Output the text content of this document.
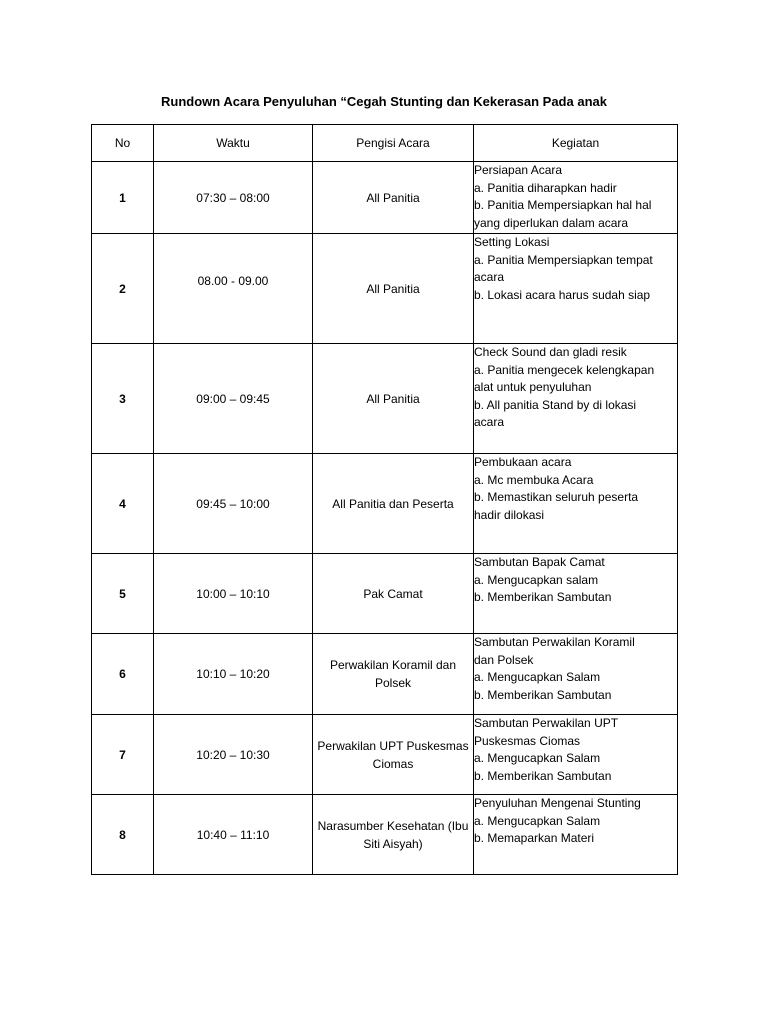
Rundown Acara Penyuluhan “Cegah Stunting dan Kekerasan Pada anak
No	Waktu	Pengisi Acara	Kegiatan
1	07:30 – 08:00	All Panitia	Persiapan Acara
a. Panitia diharapkan hadir
b. Panitia Mempersiapkan hal hal
yang diperlukan dalam acara

2	08.00 - 09.00	All Panitia	Setting Lokasi
a. Panitia Mempersiapkan tempat
acara
b. Lokasi acara harus sudah siap

3	09:00 – 09:45	All Panitia	Check Sound dan gladi resik
a. Panitia mengecek kelengkapan
alat untuk penyuluhan
b. All panitia Stand by di lokasi
acara

4	09:45 – 10:00	All Panitia dan Peserta	Pembukaan acara
a. Mc membuka Acara
b. Memastikan seluruh peserta
hadir dilokasi

5	10:00 – 10:10	Pak Camat	Sambutan Bapak Camat
a. Mengucapkan salam
b. Memberikan Sambutan

6	10:10 – 10:20	Perwakilan Koramil dan Polsek	Sambutan Perwakilan Koramil
dan Polsek
a. Mengucapkan Salam
b. Memberikan Sambutan

7	10:20 – 10:30	Perwakilan UPT Puskesmas Ciomas	Sambutan Perwakilan UPT
Puskesmas Ciomas
a. Mengucapkan Salam
b. Memberikan Sambutan

8	10:40 – 11:10	Narasumber Kesehatan (Ibu Siti Aisyah)	Penyuluhan Mengenai Stunting
a. Mengucapkan Salam
b. Memaparkan Materi
